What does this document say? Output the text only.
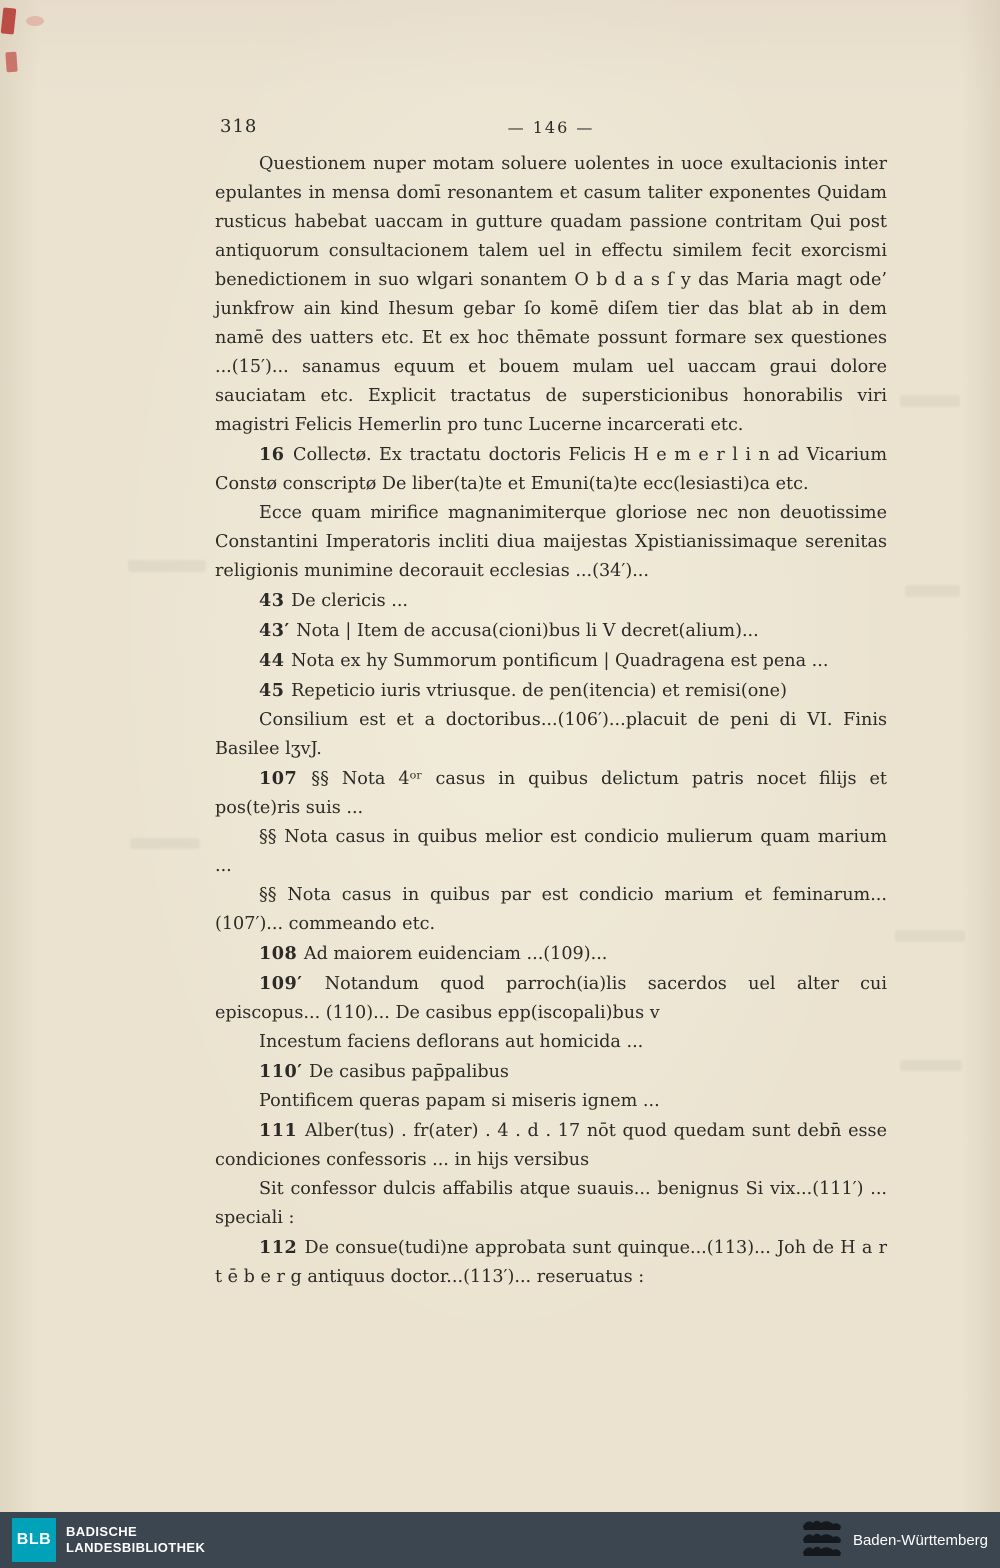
318	— 146 —

Questionem nuper motam soluere uolentes in uoce exultacionis inter epulantes in mensa domī resonantem et casum taliter exponentes Quidam rusticus habebat uaccam in gutture quadam passione contritam Qui post antiquorum consultacionem talem uel in effectu similem fecit exorcismi benedictionem in suo wlgari sonantem O b d a s ſ y das Maria magt ode’ junkfrow ain kind Ihesum gebar ſo komē diſem tier das blat ab in dem namē des uatters etc. Et ex hoc thēmate possunt formare sex questiones ...(15′)... sanamus equum et bouem mulam uel uaccam graui dolore sauciatam etc. Explicit tractatus de supersticionibus honorabilis viri magistri Felicis Hemerlin pro tunc Lucerne incarcerati etc.

16 Collectø. Ex tractatu doctoris Felicis H e m e r l i n ad Vicarium Constø conscriptø De liber(ta)te et Emuni(ta)te ecc(lesiasti)ca etc.

Ecce quam mirifice magnanimiterque gloriose nec non deuotissime Constantini Imperatoris incliti diua maijestas Xpistianissimaque serenitas religionis munimine decorauit ecclesias ...(34′)...

43 De clericis ...

43′ Nota | Item de accusa(cioni)bus li V decret(alium)...

44 Nota ex hy Summorum pontificum | Quadragena est pena ...

45 Repeticio iuris vtriusque. de pen(itencia) et remisi(one)

Consilium est et a doctoribus...(106′)...placuit de peni di VI. Finis Basilee lʒvJ.

107 §§ Nota 4ᵒʳ casus in quibus delictum patris nocet filijs et pos(te)ris suis ...

§§ Nota casus in quibus melior est condicio mulierum quam marium ...

§§ Nota casus in quibus par est condicio marium et feminarum... (107′)... commeando etc.

108 Ad maiorem euidenciam ...(109)...

109′ Notandum quod parroch(ia)lis sacerdos uel alter cui episcopus... (110)... De casibus epp(iscopali)bus v

Incestum faciens deflorans aut homicida ...

110′ De casibus pap̄palibus

Pontificem queras papam si miseris ignem ...

111 Alber(tus) . fr(ater) . 4 . d . 17 nōt quod quedam sunt debn̄ esse condiciones confessoris ... in hijs versibus

Sit confessor dulcis affabilis atque suauis... benignus Si vix...(111′) ... speciali :

112 De consue(tudi)ne approbata sunt quinque...(113)... Joh de H a r t ē b e r g antiquus doctor...(113′)... reseruatus :

BLB	BADISCHE
LANDESBIBLIOTHEK	Baden-Württemberg
